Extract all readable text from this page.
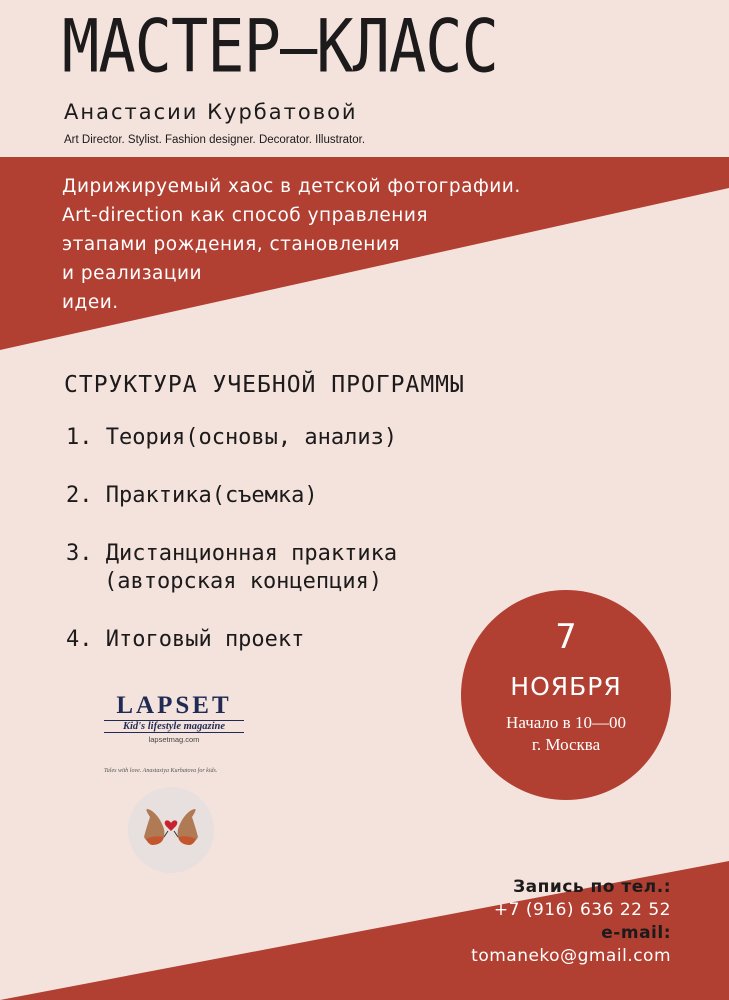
МАСТЕР—КЛАСС
Анастасии Курбатовой
Art Director. Stylist. Fashion designer. Decorator. Illustrator.
Дирижируемый хаос в детской фотографии.
Art-direction как способ управления
этапами рождения, становления
и реализации
идеи.
СТРУКТУРА УЧЕБНОЙ ПРОГРАММЫ
1. Теория(основы, анализ)
2. Практика(съемка)
3. Дистанционная практика
(авторская концепция)
4. Итоговый проект	7
НОЯБРЯ
Начало в 10—00
г. Москва
LAPSET
Kid's lifestyle magazine
lapsetmag.com
Tales with love. Anastasiya Kurbatova for kids.
Запись по тел.:
+7 (916) 636 22 52
e-mail:
tomaneko@gmail.com
